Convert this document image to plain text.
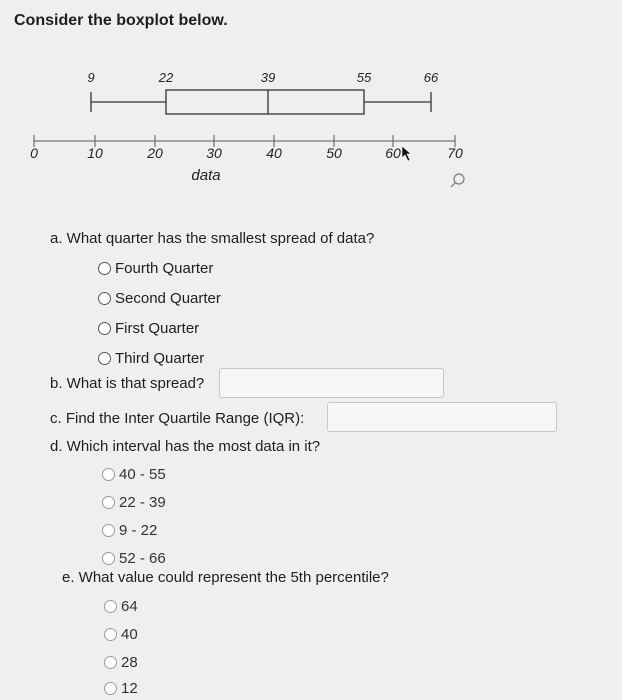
Consider the boxplot below.
9	22	39	55	66
0	10	20	30	40	50	60	70
data
a. What quarter has the smallest spread of data?
Fourth Quarter
Second Quarter
First Quarter
Third Quarter
b. What is that spread?
c. Find the Inter Quartile Range (IQR):
d. Which interval has the most data in it?
40 - 55
22 - 39
9 - 22
52 - 66
e. What value could represent the 5th percentile?
64
40
28
12
